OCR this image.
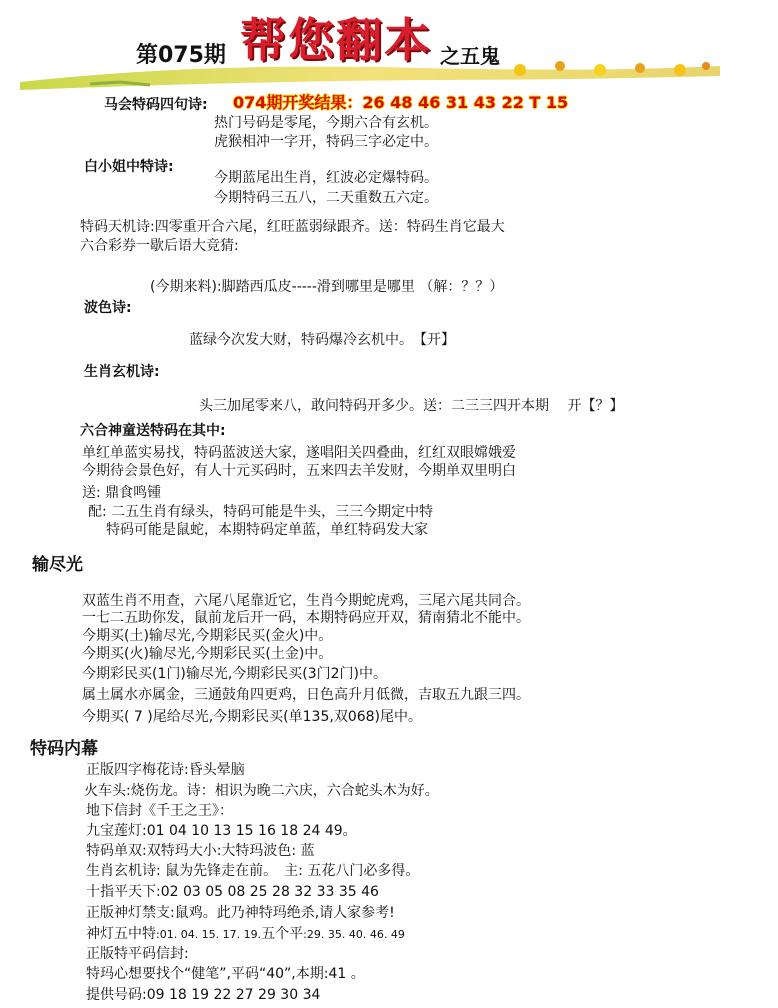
第075期 帮您翻本 之五鬼
马会特码四句诗: 074期开奖结果：26 48 46 31 43 22 T 15
热门号码是零尾，今期六合有玄机。
虎猴相冲一字开，特码三字必定中。
白小姐中特诗:
今期蓝尾出生肖，红波必定爆特码。
今期特码三五八，二天重数五六定。
特码天机诗:四零重开合六尾，红旺蓝弱绿跟齐。送：特码生肖它最大
六合彩券一歇后语大竞猜:
(今期来料):脚踏西瓜皮-----滑到哪里是哪里 （解：？？）
波色诗:
蓝绿今次发大财，特码爆冷玄机中。　【开】
生肖玄机诗:
头三加尾零来八，敢问特码开多少。送：二三三四开本期　 开【？】
六合神童送特码在其中:
单红单蓝实易找，特码蓝波送大家，遂唱阳关四叠曲，红红双眼嫦娥爱
今期待会景色好，有人十元买码时，五来四去羊发财，今期单双里明白
送: 鼎食鸣锺
配: 二五生肖有绿头，特码可能是牛头，三三今期定中特
特码可能是鼠蛇，本期特码定单蓝，单红特码发大家
输尽光
双蓝生肖不用查，六尾八尾靠近它，生肖今期蛇虎鸡，三尾六尾共同合。
一七二五助你发，鼠前龙后开一码，本期特码应开双，猜南猜北不能中。
今期买(土)输尽光,今期彩民买(金火)中。
今期买(火)输尽光,今期彩民买(土金)中。
今期彩民买(1门)输尽光,今期彩民买(3门2门)中。
属土属水亦属金，三通鼓角四更鸡，日色高升月低微，吉取五九跟三四。
今期买( 7 )尾给尽光,今期彩民买(单135,双068)尾中。
特码内幕
正版四字梅花诗:昏头晕脑
火车头:烧伤龙。诗：相识为晚二六庆，六合蛇头木为好。
地下信封《千王之王》：
九宝莲灯:01 04 10 13 15 16 18 24 49。
特码单双:双特玛大小:大特玛波色: 蓝
生肖玄机诗: 鼠为先锋走在前。　主: 五花八门必多得。
十指平天下:02 03 05 08 25 28 32 33 35 46
正版神灯禁支:鼠鸡。此乃神特玛绝杀,请人家参考!
神灯五中特:01. 04. 15. 17. 19.五个平:29. 35. 40. 46. 49
正版特平码信封:
特玛心想要找个“健笔”,平码“40”,本期:41 。
提供号码:09 18 19 22 27 29 30 34
